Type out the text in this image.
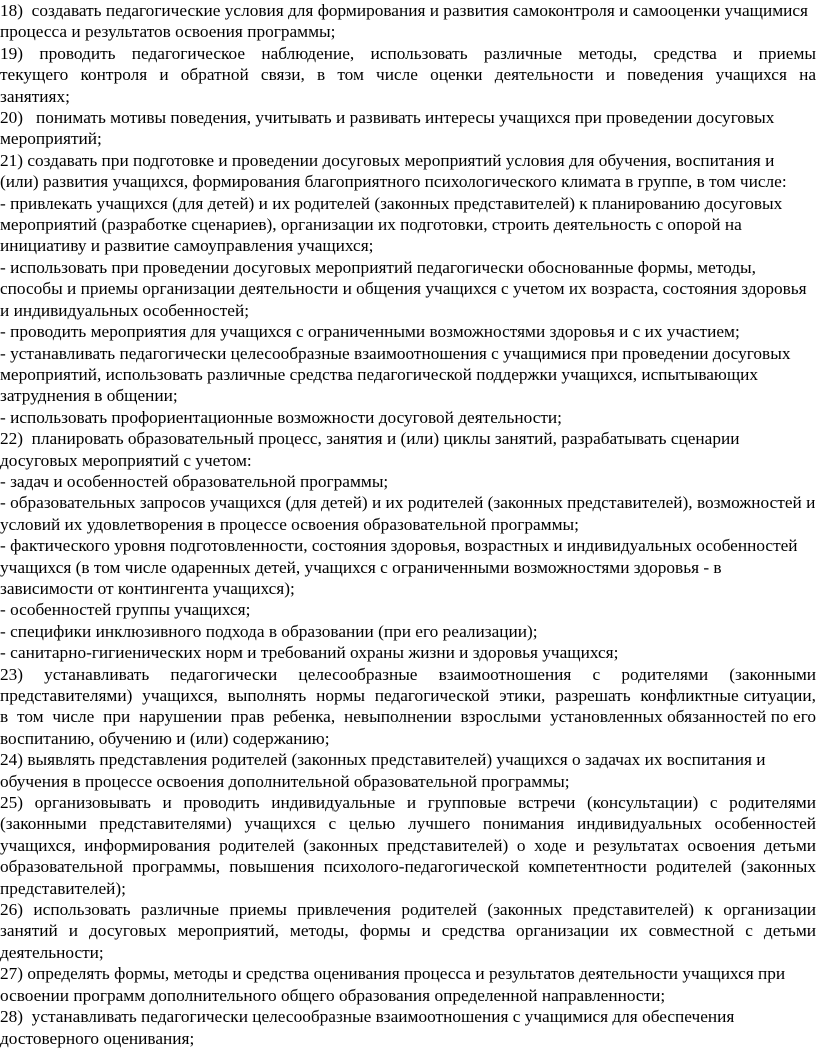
18)  создавать педагогические условия для формирования и развития самоконтроля и самооценки учащимися процесса и результатов освоения программы;

19)  проводить  педагогическое  наблюдение,  использовать  различные  методы,  средства  и  приемы текущего  контроля  и  обратной  связи,  в  том  числе  оценки  деятельности  и  поведения  учащихся  на занятиях;

20)   понимать мотивы поведения, учитывать и развивать интересы учащихся при проведении досуговых мероприятий;

21) создавать при подготовке и проведении досуговых мероприятий условия для обучения, воспитания и (или) развития учащихся, формирования благоприятного психологического климата в группе, в том числе:

- привлекать учащихся (для детей) и их родителей (законных представителей) к планированию досуговых мероприятий (разработке сценариев), организации их подготовки, строить деятельность с опорой на инициативу и развитие самоуправления учащихся;

- использовать при проведении досуговых мероприятий педагогически обоснованные формы, методы, способы и приемы организации деятельности и общения учащихся с учетом их возраста, состояния здоровья и индивидуальных особенностей;

- проводить мероприятия для учащихся с ограниченными возможностями здоровья и с их участием;

- устанавливать педагогически целесообразные взаимоотношения с учащимися при проведении досуговых мероприятий, использовать различные средства педагогической поддержки учащихся, испытывающих затруднения в общении;

- использовать профориентационные возможности досуговой деятельности;

22)  планировать образовательный процесс, занятия и (или) циклы занятий, разрабатывать сценарии досуговых мероприятий с учетом:

- задач и особенностей образовательной программы;

- образовательных запросов учащихся (для детей) и их родителей (законных представителей), возможностей и условий их удовлетворения в процессе освоения образовательной программы;

- фактического уровня подготовленности, состояния здоровья, возрастных и индивидуальных особенностей учащихся (в том числе одаренных детей, учащихся с ограниченными возможностями здоровья - в зависимости от контингента учащихся);

- особенностей группы учащихся;

- специфики инклюзивного подхода в образовании (при его реализации);

- санитарно-гигиенических норм и требований охраны жизни и здоровья учащихся;

23)  устанавливать  педагогически  целесообразные  взаимоотношения  с  родителями  (законными представителями)  учащихся,  выполнять  нормы  педагогической  этики,  разрешать  конфликтные ситуации,  в  том  числе  при  нарушении  прав  ребенка,  невыполнении  взрослыми  установленных обязанностей по его воспитанию, обучению и (или) содержанию;

24) выявлять представления родителей (законных представителей) учащихся о задачах их воспитания и обучения в процессе освоения дополнительной образовательной программы;

25) организовывать и проводить индивидуальные и групповые встречи (консультации) с родителями (законными представителями) учащихся с целью лучшего понимания индивидуальных особенностей учащихся, информирования родителей (законных представителей) о ходе и результатах освоения детьми образовательной программы, повышения психолого-педагогической компетентности родителей (законных представителей);

26) использовать различные приемы привлечения родителей (законных представителей) к организации занятий и досуговых мероприятий, методы, формы и средства организации их совместной с детьми деятельности;

27) определять формы, методы и средства оценивания процесса и результатов деятельности учащихся при освоении программ дополнительного общего образования определенной направленности;

28)  устанавливать педагогически целесообразные взаимоотношения с учащимися для обеспечения достоверного оценивания;
